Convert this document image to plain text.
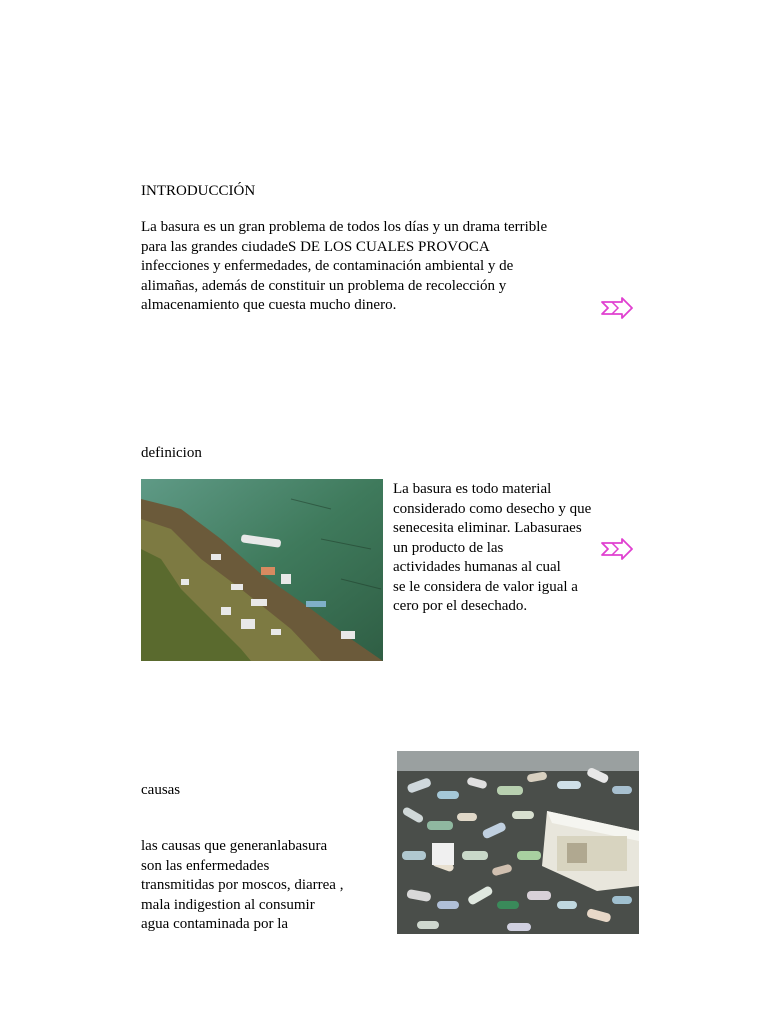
INTRODUCCIÓN
La basura es un gran problema de todos los días y un drama terrible
para las grandes ciudadeS DE LOS CUALES PROVOCA
infecciones y enfermedades, de contaminación ambiental y de
alimañas, además de constituir un problema de recolección y
almacenamiento que cuesta mucho dinero.
definicion
La basura es todo material
considerado como desecho y que
senecesita eliminar. Labasuraes
un producto de las
actividades humanas al cual
se le considera de valor igual a
cero por el desechado.
causas
las causas que generanlabasura
son las enfermedades
transmitidas por moscos, diarrea ,
mala indigestion al consumir
agua contaminada por la
